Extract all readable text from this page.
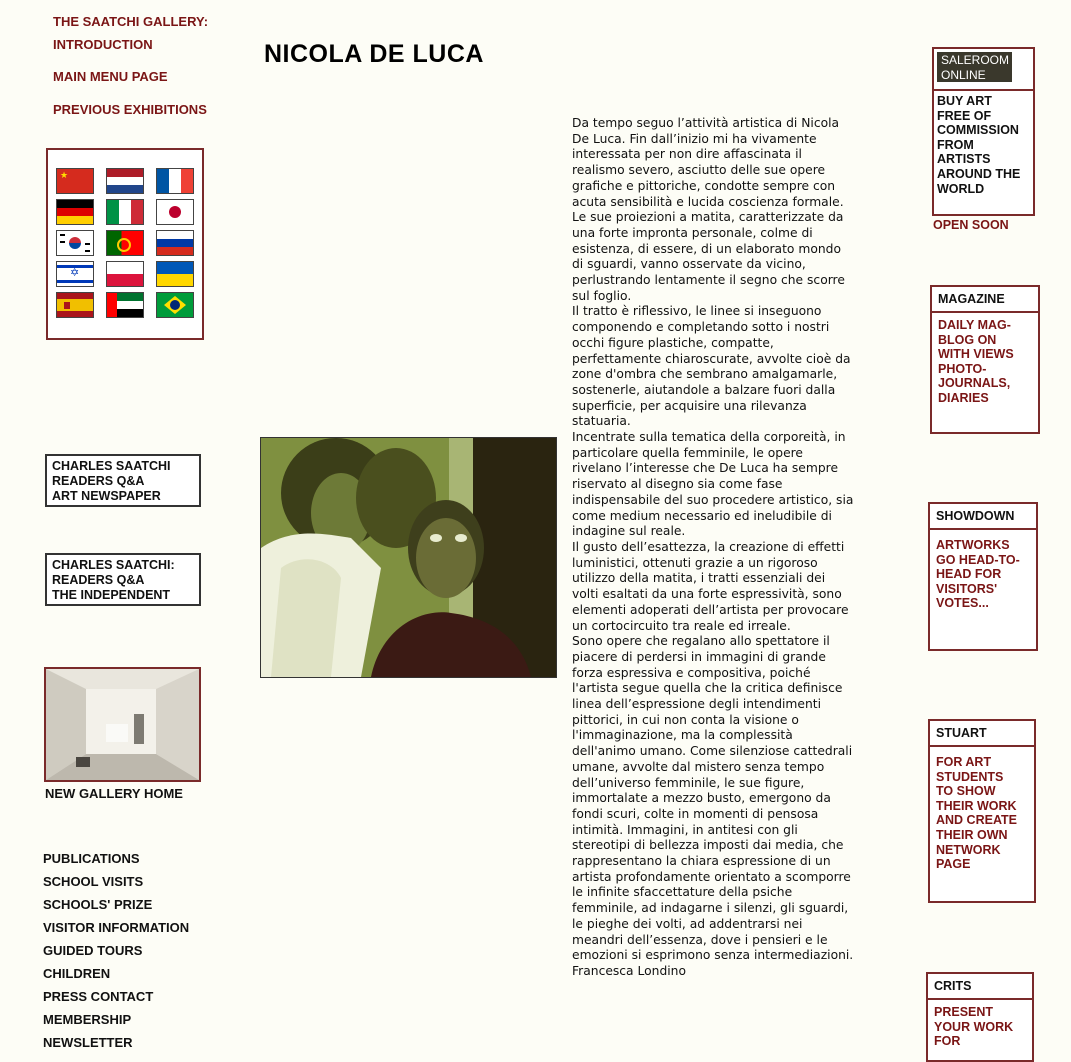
THE SAATCHI GALLERY:
INTRODUCTION
MAIN MENU PAGE
PREVIOUS EXHIBITIONS
NICOLA DE LUCA
★
✡
CHARLES SAATCHI
READERS Q&A
ART NEWSPAPER
CHARLES SAATCHI:
READERS Q&A
THE INDEPENDENT
NEW GALLERY HOME
PUBLICATIONS
SCHOOL VISITS
SCHOOLS' PRIZE
VISITOR INFORMATION
GUIDED TOURS
CHILDREN
PRESS CONTACT
MEMBERSHIP
NEWSLETTER
Da tempo seguo l’attività artistica di Nicola
De Luca. Fin dall’inizio mi ha vivamente
interessata per non dire affascinata il
realismo severo, asciutto delle sue opere
grafiche e pittoriche, condotte sempre con
acuta sensibilità e lucida coscienza formale.
Le sue proiezioni a matita, caratterizzate da
una forte impronta personale, colme di
esistenza, di essere, di un elaborato mondo
di sguardi, vanno osservate da vicino,
perlustrando lentamente il segno che scorre
sul foglio.
Il tratto è riflessivo, le linee si inseguono
componendo e completando sotto i nostri
occhi figure plastiche, compatte,
perfettamente chiaroscurate, avvolte cioè da
zone d'ombra che sembrano amalgamarle,
sostenerle, aiutandole a balzare fuori dalla
superficie, per acquisire una rilevanza
statuaria.
Incentrate sulla tematica della corporeità, in
particolare quella femminile, le opere
rivelano l’interesse che De Luca ha sempre
riservato al disegno sia come fase
indispensabile del suo procedere artistico, sia
come medium necessario ed ineludibile di
indagine sul reale.
Il gusto dell’esattezza, la creazione di effetti
luministici, ottenuti grazie a un rigoroso
utilizzo della matita, i tratti essenziali dei
volti esaltati da una forte espressività, sono
elementi adoperati dell’artista per provocare
un cortocircuito tra reale ed irreale.
Sono opere che regalano allo spettatore il
piacere di perdersi in immagini di grande
forza espressiva e compositiva, poiché
l'artista segue quella che la critica definisce
linea dell’espressione degli intendimenti
pittorici, in cui non conta la visione o
l'immaginazione, ma la complessità
dell'animo umano. Come silenziose cattedrali
umane, avvolte dal mistero senza tempo
dell’universo femminile, le sue figure,
immortalate a mezzo busto, emergono da
fondi scuri, colte in momenti di pensosa
intimità. Immagini, in antitesi con gli
stereotipi di bellezza imposti dai media, che
rappresentano la chiara espressione di un
artista profondamente orientato a scomporre
le infinite sfaccettature della psiche
femminile, ad indagarne i silenzi, gli sguardi,
le pieghe dei volti, ad addentrarsi nei
meandri dell’essenza, dove i pensieri e le
emozioni si esprimono senza intermediazioni.
Francesca Londino
SALEROOM
ONLINE
BUY ART
FREE OF
COMMISSION
FROM
ARTISTS
AROUND THE
WORLD
OPEN SOON
MAGAZINE
DAILY MAG-
BLOG ON
WITH VIEWS
PHOTO-
JOURNALS,
DIARIES
SHOWDOWN
ARTWORKS
GO HEAD-TO-
HEAD FOR
VISITORS'
VOTES...
STUART
FOR ART
STUDENTS
TO SHOW
THEIR WORK
AND CREATE
THEIR OWN
NETWORK
PAGE
CRITS
PRESENT
YOUR WORK
FOR
